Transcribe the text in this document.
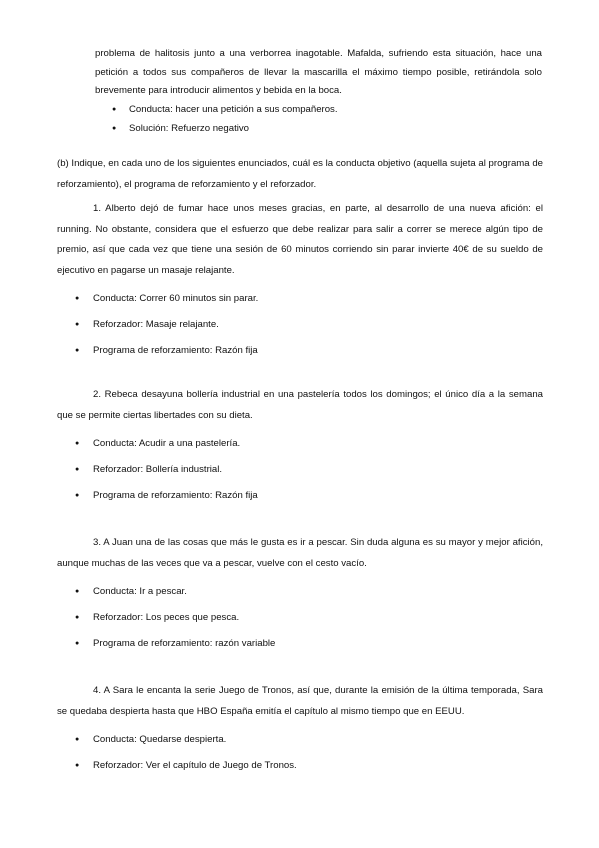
problema de halitosis junto a una verborrea inagotable. Mafalda, sufriendo esta situación, hace una petición a todos sus compañeros de llevar la mascarilla el máximo tiempo posible, retirándola solo brevemente para introducir alimentos y bebida en la boca.

● Conducta: hacer una petición a sus compañeros.
● Solución: Refuerzo negativo

(b) Indique, en cada uno de los siguientes enunciados, cuál es la conducta objetivo (aquella sujeta al programa de reforzamiento), el programa de reforzamiento y el reforzador.

1. Alberto dejó de fumar hace unos meses gracias, en parte, al desarrollo de una nueva afición: el running. No obstante, considera que el esfuerzo que debe realizar para salir a correr se merece algún tipo de premio, así que cada vez que tiene una sesión de 60 minutos corriendo sin parar invierte 40€ de su sueldo de ejecutivo en pagarse un masaje relajante.

● Conducta: Correr 60 minutos sin parar.
● Reforzador: Masaje relajante.
● Programa de reforzamiento: Razón fija

2. Rebeca desayuna bollería industrial en una pastelería todos los domingos; el único día a la semana que se permite ciertas libertades con su dieta.

● Conducta: Acudir a una pastelería.
● Reforzador: Bollería industrial.
● Programa de reforzamiento: Razón fija

3. A Juan una de las cosas que más le gusta es ir a pescar. Sin duda alguna es su mayor y mejor afición, aunque muchas de las veces que va a pescar, vuelve con el cesto vacío.

● Conducta: Ir a pescar.
● Reforzador: Los peces que pesca.
● Programa de reforzamiento: razón variable

4. A Sara le encanta la serie Juego de Tronos, así que, durante la emisión de la última temporada, Sara se quedaba despierta hasta que HBO España emitía el capítulo al mismo tiempo que en EEUU.

● Conducta: Quedarse despierta.
● Reforzador: Ver el capítulo de Juego de Tronos.
